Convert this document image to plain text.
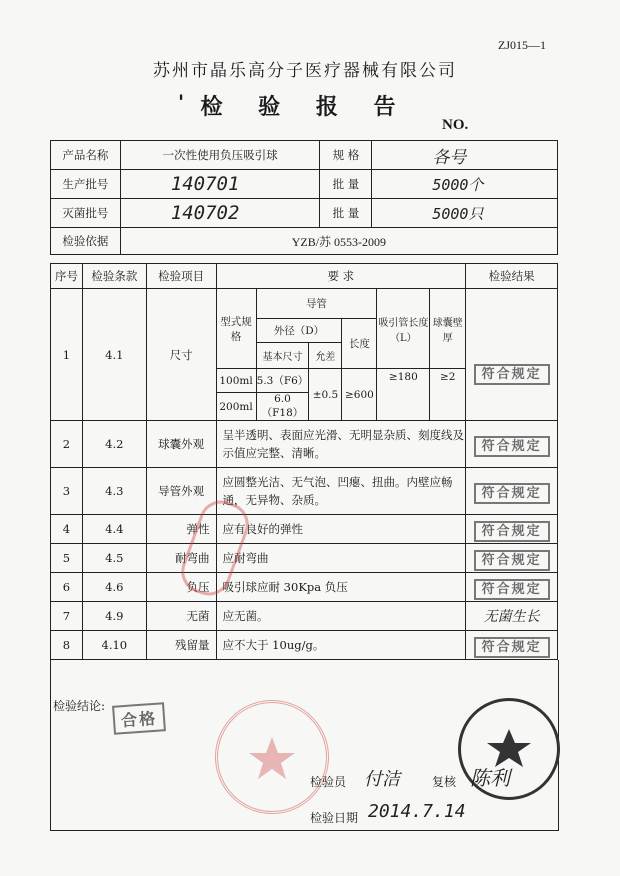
ZJ015—1
苏州市晶乐高分子医疗器械有限公司
' 检 验 报 告
NO.
产品名称	一次性使用负压吸引球	规 格	各号
生产批号	140701	批 量	5000个
灭菌批号	140702	批 量	5000只
检验依据	YZB/苏 0553-2009		
序号	检验条款	检验项目	要 求						检验结果
1	4.1	尺寸	型式规格	导管			吸引管长度（L）	球囊壁厚	符合规定
				外径（D）		长度			
				基本尺寸	允差				
			100ml	5.3（F6）	±0.5	≥600	≥180	≥2	
			200ml	6.0（F18）					
2	4.2	球囊外观	呈半透明、表面应光滑、无明显杂质、刻度线及示值应完整、清晰。						符合规定
3	4.3	导管外观	应圆整光洁、无气泡、凹瘪、扭曲。内壁应畅通，无异物、杂质。						符合规定
4	4.4	弹性	应有良好的弹性						符合规定
5	4.5	耐弯曲	应耐弯曲						符合规定
6	4.6	负压	吸引球应耐 30Kpa 负压						符合规定
7	4.9	无菌	应无菌。						无菌生长
8	4.10	残留量	应不大于 10ug/g。						符合规定
检验结论:
合格
检验员 付洁	复核 陈利
检验日期 2014.7.14
